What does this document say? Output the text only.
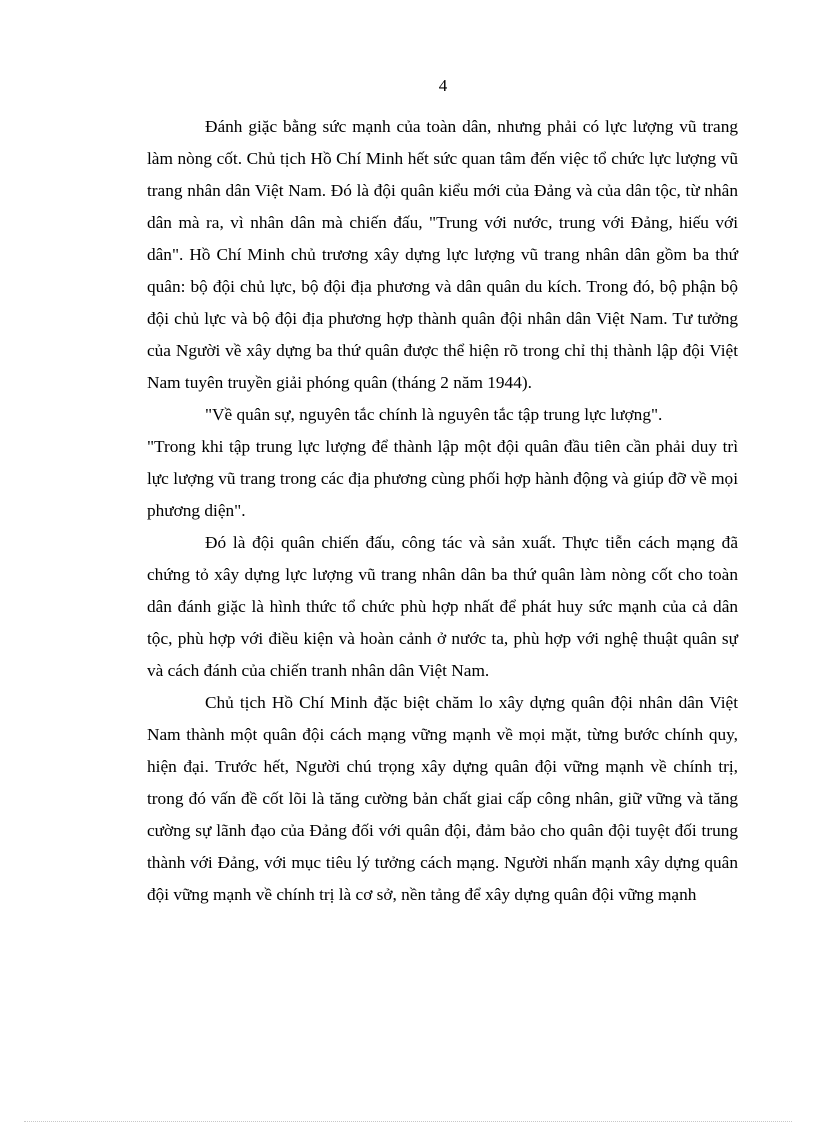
4

Đánh giặc bằng sức mạnh của toàn dân, nhưng phải có lực lượng vũ trang làm nòng cốt. Chủ tịch Hồ Chí Minh hết sức quan tâm đến việc tổ chức lực lượng vũ trang nhân dân Việt Nam. Đó là đội quân kiểu mới của Đảng và của dân tộc, từ nhân dân mà ra, vì nhân dân mà chiến đấu, "Trung với nước, trung với Đảng, hiếu với dân". Hồ Chí Minh chủ trương xây dựng lực lượng vũ trang nhân dân gồm ba thứ quân: bộ đội chủ lực, bộ đội địa phương và dân quân du kích. Trong đó, bộ phận bộ đội chủ lực và bộ đội địa phương hợp thành quân đội nhân dân Việt Nam. Tư tưởng của Người về xây dựng ba thứ quân được thể hiện rõ trong chỉ thị thành lập đội Việt Nam tuyên truyền giải phóng quân (tháng 2 năm 1944).

"Về quân sự, nguyên tắc chính là nguyên tắc tập trung lực lượng".

"Trong khi tập trung lực lượng để thành lập một đội quân đầu tiên cần phải duy trì lực lượng vũ trang trong các địa phương cùng phối hợp hành động và giúp đỡ về mọi phương diện".

Đó là đội quân chiến đấu, công tác và sản xuất. Thực tiễn cách mạng đã chứng tỏ xây dựng lực lượng vũ trang nhân dân ba thứ quân làm nòng cốt cho toàn dân đánh giặc là hình thức tổ chức phù hợp nhất để phát huy sức mạnh của cả dân tộc, phù hợp với điều kiện và hoàn cảnh ở nước ta, phù hợp với nghệ thuật quân sự và cách đánh của chiến tranh nhân dân Việt Nam.

Chủ tịch Hồ Chí Minh đặc biệt chăm lo xây dựng quân đội nhân dân Việt Nam thành một quân đội cách mạng vững mạnh về mọi mặt, từng bước chính quy, hiện đại. Trước hết, Người chú trọng xây dựng quân đội vững mạnh về chính trị, trong đó vấn đề cốt lõi là tăng cường bản chất giai cấp công nhân, giữ vững và tăng cường sự lãnh đạo của Đảng đối với quân đội, đảm bảo cho quân đội tuyệt đối trung thành với Đảng, với mục tiêu lý tưởng cách mạng. Người nhấn mạnh xây dựng quân đội vững mạnh về chính trị là cơ sở, nền tảng để xây dựng quân đội vững mạnh
